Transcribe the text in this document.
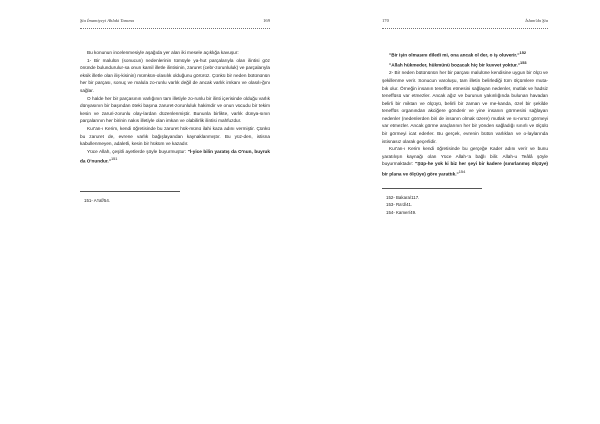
Şia İmamiyeyi Ahlaki Tanıma	169

Bu konunun incelenmesiyle aşağıda yer alan iki mesele açıklığa kavuşur:

1- Bir malulün (sonucun) nedenlerinin tümüyle ya-hut parçalarıyla olan ilintisi göz önünde bulundurulur-sa onun kamil illetle ilintisinin, zaruret (cebr-zorunluluk) ve parçalarıyla eksik illetle olan iliş-kisinin) mümkün-olasılık olduğunu görürüz. Çünkü bir neden bütününün her bir parçası, sonuç ve malula zo-runlu varlık değil de ancak varlık imkanı ve olasılı-ğını sağlar.

O halde her bir parçasının varlığının tam illetiyle zo-runlu bir ilinti içerisinde olduğu varlık dünyasının bir başından öteki başına zaruret-zorunluluk hakimdir ve onun vücudu bir tekim kesin ve zaruri-zorunlu olay-lardan düzenlenmiştir. Bununla birlikte, varlık dünya-sının parçalarının her birinin nakıs illetiyle olan imkan ve olabilirlik ilintisi mahfuzdur.

Kur'an-ı Kerim, kendi öğretisinde bu zaruret hük-münü ilahi kaza adını vermiştir. Çünkü bu zaruret de, evrene varlık bağışlayandan kaynaklanmıştır. Bu yüz-den, istisna kabullenmeyen, adaletli, kesin bir hüküm ve kazadır.

Yüce Allah, çeşitli ayetlerde şöyle buyurmuştur: "İ-yice bilin yaratış da O'nun, buyruk da O'nundur."$^{151}$

151- A'raf/54.

170	İslam'da Şia

"Bir işin olmasını diledi mi, ona ancak ol der, o iş oluverir."$^{152}$

"Allah hükmeder, hükmünü bozacak hiç bir kuvvet yoktur."$^{153}$

2- Bir neden bütününün her bir parçası malulüne kendisine uygun bir ölçü ve şekillenme verir. Sonucun varoluşu, tam illetin belirlediği tüm ölçümlere muta-bık olur. Örneğin insanın teneffüs etmesini sağlayan nedenler, mutlak ve hadsiz teneffüsü var etmezler. Ancak ağız ve burunun yakınlığında bulunan havadan belirli bir miktarı ve ölçüyü, belirli bir zaman ve me-kanda, özel bir şekilde teneffüs organından akciğere gönderir ve yine insanın görmesini sağlayan nedenler (nedenlerden biri de insanın olmak üzere) mutlak ve sı-nırsız görmeyi var etmezler. Ancak görme araçlarının her bir yönden sağladığı sınırlı ve ölçülü bir görmeyi icat ederler. Bu gerçek, evrenin bütün varlıkları ve o-laylarında istisnasız olarak geçerlidir.

Kur'an-ı Kerim kendi öğretisinde bu gerçeğe Kader adını verir ve bunu yaratılışın kaynağı olan Yüce Allah-'a bağlı bilir. Allah-u Teâlâ şöyle buyurmaktadır: "Şüp-he yok ki biz her şeyi bir kadere (sınırlanmış ölçüye) bir plana ve ölçüye) göre yarattık."$^{154}$

152- Bakara/117.

153- Ra'd/41.

154- Kamer/49.
